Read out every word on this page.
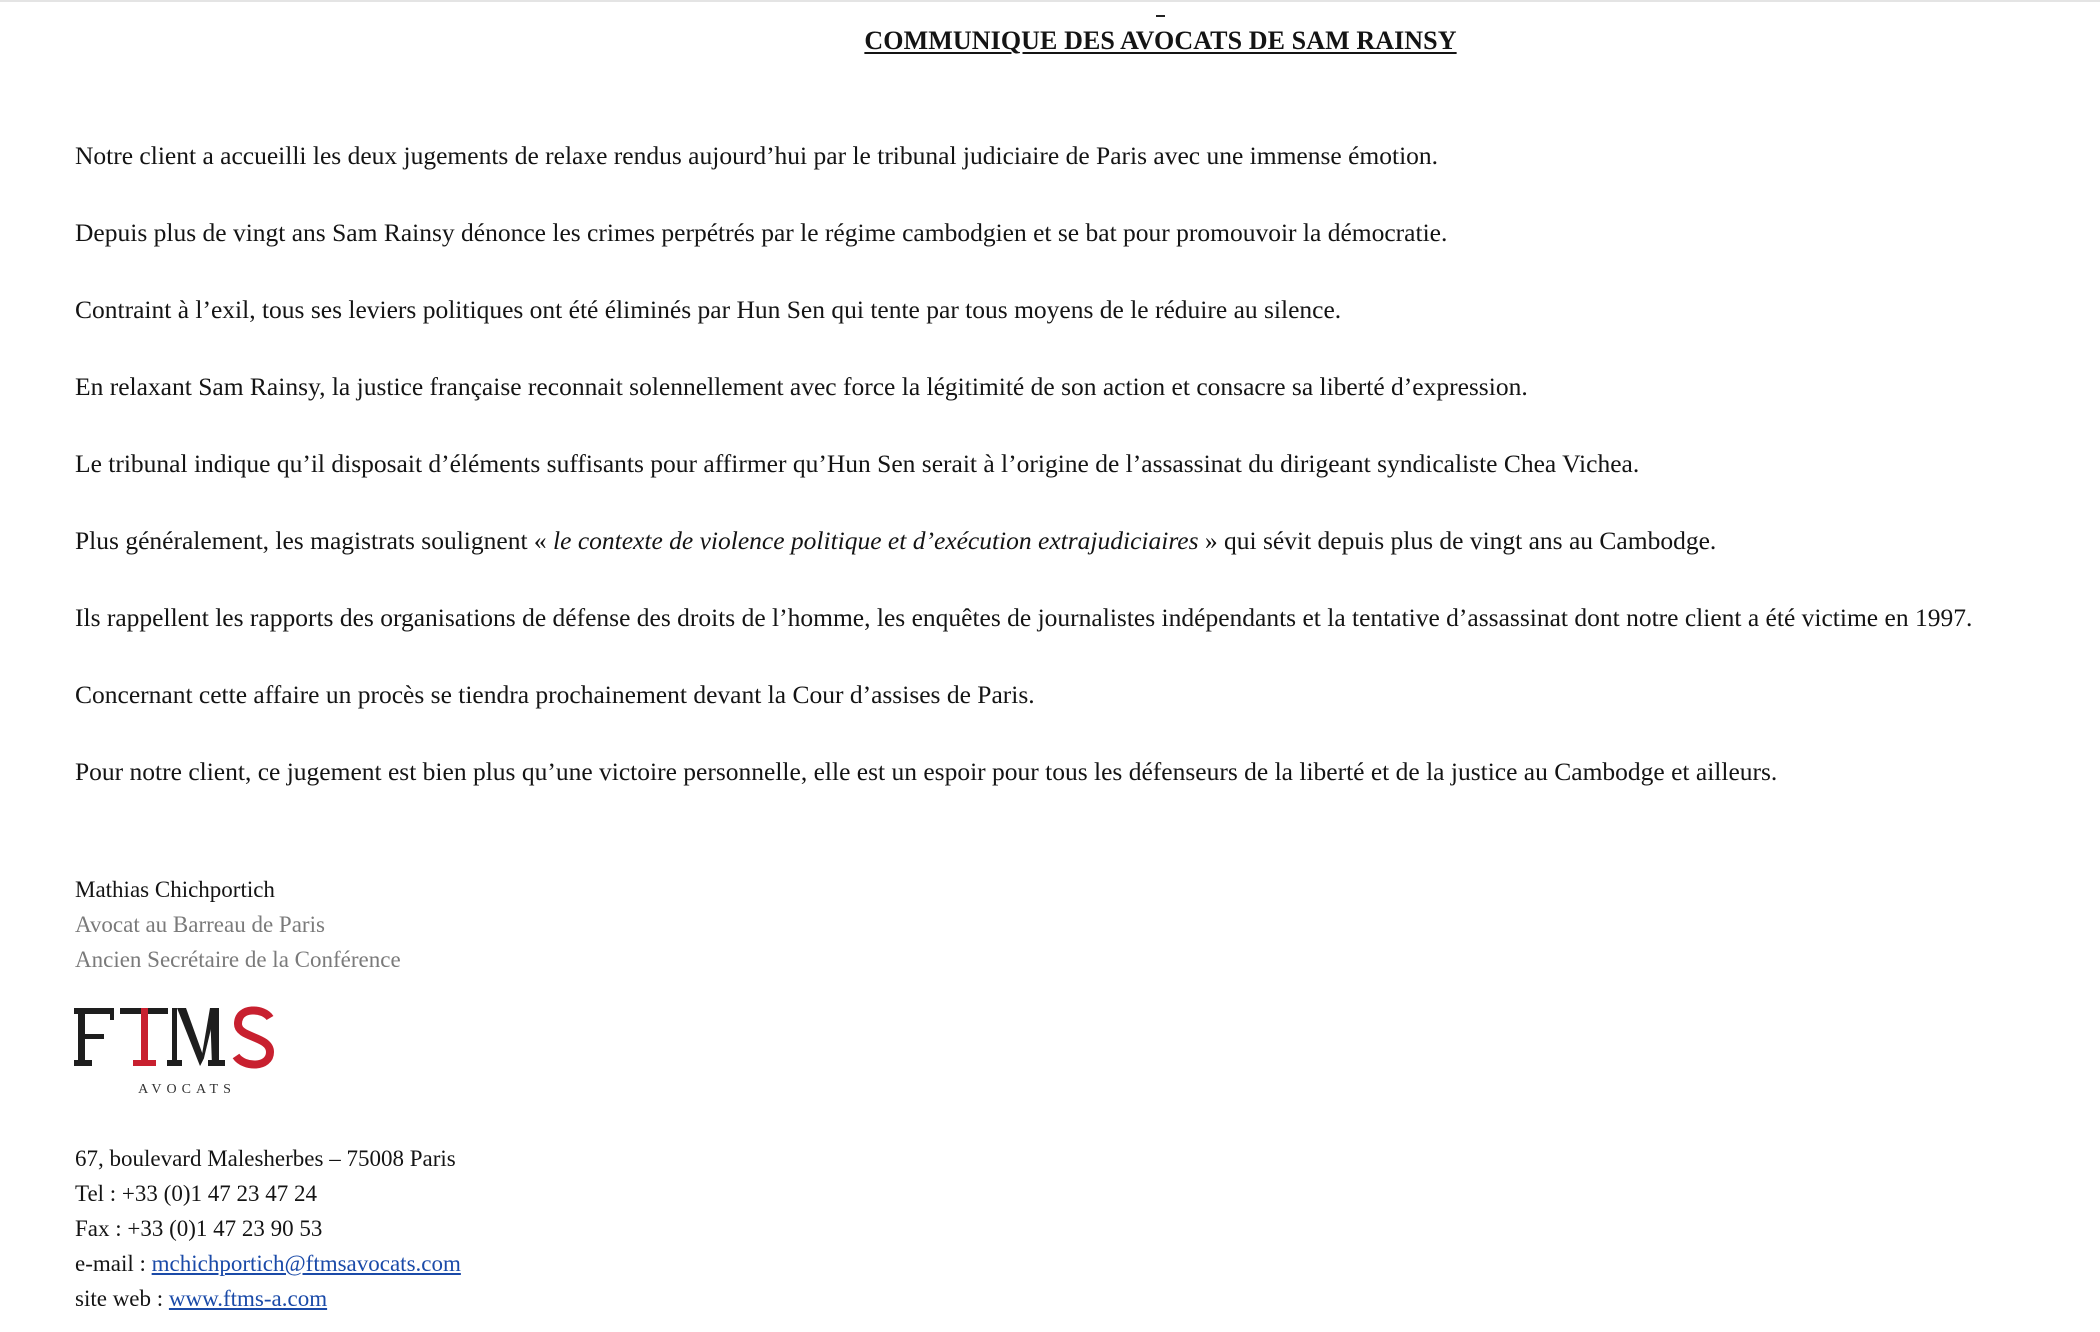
COMMUNIQUE DES AVOCATS DE SAM RAINSY

Notre client a accueilli les deux jugements de relaxe rendus aujourd’hui par le tribunal judiciaire de Paris avec une immense émotion.

Depuis plus de vingt ans Sam Rainsy dénonce les crimes perpétrés par le régime cambodgien et se bat pour promouvoir la démocratie.

Contraint à l’exil, tous ses leviers politiques ont été éliminés par Hun Sen qui tente par tous moyens de le réduire au silence.

En relaxant Sam Rainsy, la justice française reconnait solennellement avec force la légitimité de son action et consacre sa liberté d’expression.

Le tribunal indique qu’il disposait d’éléments suffisants pour affirmer qu’Hun Sen serait à l’origine de l’assassinat du dirigeant syndicaliste Chea Vichea.

Plus généralement, les magistrats soulignent « le contexte de violence politique et d’exécution extrajudiciaires » qui sévit depuis plus de vingt ans au Cambodge.

Ils rappellent les rapports des organisations de défense des droits de l’homme, les enquêtes de journalistes indépendants et la tentative d’assassinat dont notre client a été victime en 1997.

Concernant cette affaire un procès se tiendra prochainement devant la Cour d’assises de Paris.

Pour notre client, ce jugement est bien plus qu’une victoire personnelle, elle est un espoir pour tous les défenseurs de la liberté et de la justice au Cambodge et ailleurs.

Mathias Chichportich
Avocat au Barreau de Paris
Ancien Secrétaire de la Conférence
AVOCATS
67, boulevard Malesherbes – 75008 Paris
Tel : +33 (0)1 47 23 47 24
Fax : +33 (0)1 47 23 90 53
e-mail : mchichportich@ftmsavocats.com
site web : www.ftms-a.com
